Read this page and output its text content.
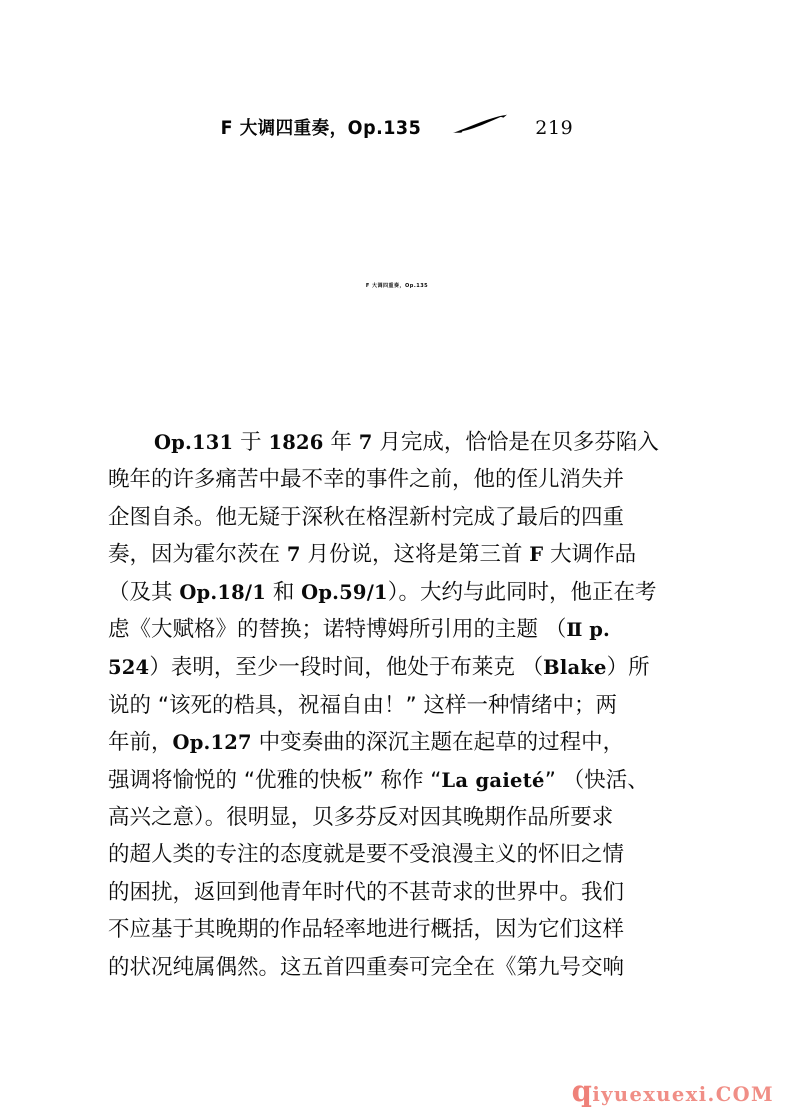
F 大调四重奏，Op.135	219
F 大调四重奏，Op.135
Op.131 于 1826 年 7 月完成，恰恰是在贝多芬陷入
晚年的许多痛苦中最不幸的事件之前，他的侄儿消失并
企图自杀。他无疑于深秋在格涅新村完成了最后的四重
奏，因为霍尔茨在 7 月份说，这将是第三首 F 大调作品
（及其 Op.18/1 和 Op.59/1）。大约与此同时，他正在考
虑《大赋格》的替换；诺特博姆所引用的主题 （Ⅱ p.
524）表明，至少一段时间，他处于布莱克 （Blake）所
说的 “该死的梏具，祝福自由！” 这样一种情绪中；两
年前，Op.127 中变奏曲的深沉主题在起草的过程中，
强调将愉悦的 “优雅的快板” 称作 “La gaieté” （快活、
高兴之意）。很明显，贝多芬反对因其晚期作品所要求
的超人类的专注的态度就是要不受浪漫主义的怀旧之情
的困扰，返回到他青年时代的不甚苛求的世界中。我们
不应基于其晚期的作品轻率地进行概括，因为它们这样
的状况纯属偶然。这五首四重奏可完全在《第九号交响
q iyuexuexi.COM
